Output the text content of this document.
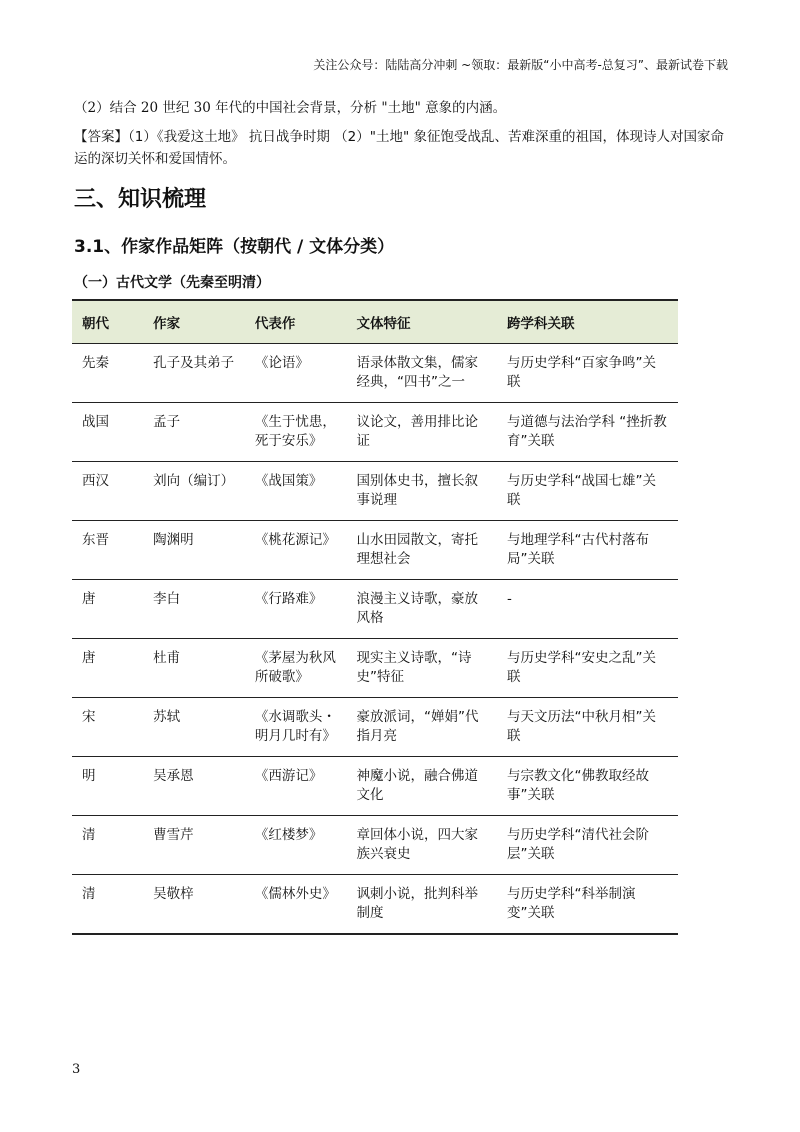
关注公众号：陆陆高分冲刺 ~领取：最新版“小中高考-总复习”、最新试卷下载
（2）结合 20 世纪 30 年代的中国社会背景，分析 "土地" 意象的内涵。
【答案】（1）《我爱这土地》 抗日战争时期 （2）"土地" 象征饱受战乱、苦难深重的祖国，体现诗人对国家命运的深切关怀和爱国情怀。
三、知识梳理
3.1、作家作品矩阵（按朝代 / 文体分类）
（一）古代文学（先秦至明清）
朝代	作家	代表作	文体特征	跨学科关联
先秦	孔子及其弟子	《论语》	语录体散文集，儒家经典，“四书”之一	与历史学科“百家争鸣”关联
战国	孟子	《生于忧患，死于安乐》	议论文，善用排比论证	与道德与法治学科 “挫折教育”关联
西汉	刘向（编订）	《战国策》	国别体史书，擅长叙事说理	与历史学科“战国七雄”关联
东晋	陶渊明	《桃花源记》	山水田园散文，寄托理想社会	与地理学科“古代村落布局”关联
唐	李白	《行路难》	浪漫主义诗歌，豪放风格	-
唐	杜甫	《茅屋为秋风所破歌》	现实主义诗歌，“诗史”特征	与历史学科“安史之乱”关联
宋	苏轼	《水调歌头・明月几时有》	豪放派词，“婵娟”代指月亮	与天文历法“中秋月相”关联
明	吴承恩	《西游记》	神魔小说，融合佛道文化	与宗教文化“佛教取经故事”关联
清	曹雪芹	《红楼梦》	章回体小说，四大家族兴衰史	与历史学科“清代社会阶层”关联
清	吴敬梓	《儒林外史》	讽刺小说，批判科举制度	与历史学科“科举制演变”关联
3
